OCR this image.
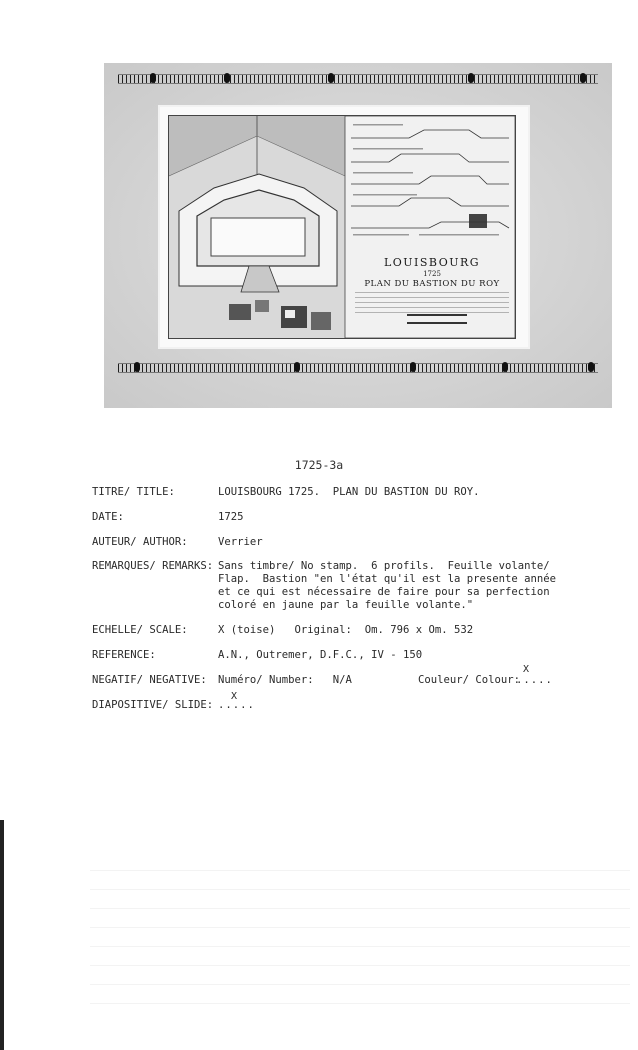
LOUISBOURG
1725
PLAN DU BASTION DU ROY
1725-3a

TITRE/ TITLE:

	LOUISBOURG 1725.  PLAN DU BASTION DU ROY.

DATE:

	1725

AUTEUR/ AUTHOR:

	Verrier

REMARQUES/ REMARKS:

Sans timbre/ No stamp.  6 profils.  Feuille volante/
Flap.  Bastion "en l'état qu'il est la presente année
et ce qui est nécessaire de faire pour sa perfection
coloré en jaune par la feuille volante."

ECHELLE/ SCALE:

	X (toise)   Original:  Om. 796 x Om. 532

REFERENCE:

	A.N., Outremer, D.F.C., IV - 150

NEGATIF/ NEGATIVE:

	Numéro/ Number:   N/A	Couleur/ Colour:
X
.....

DIAPOSITIVE/ SLIDE:

X
.....
